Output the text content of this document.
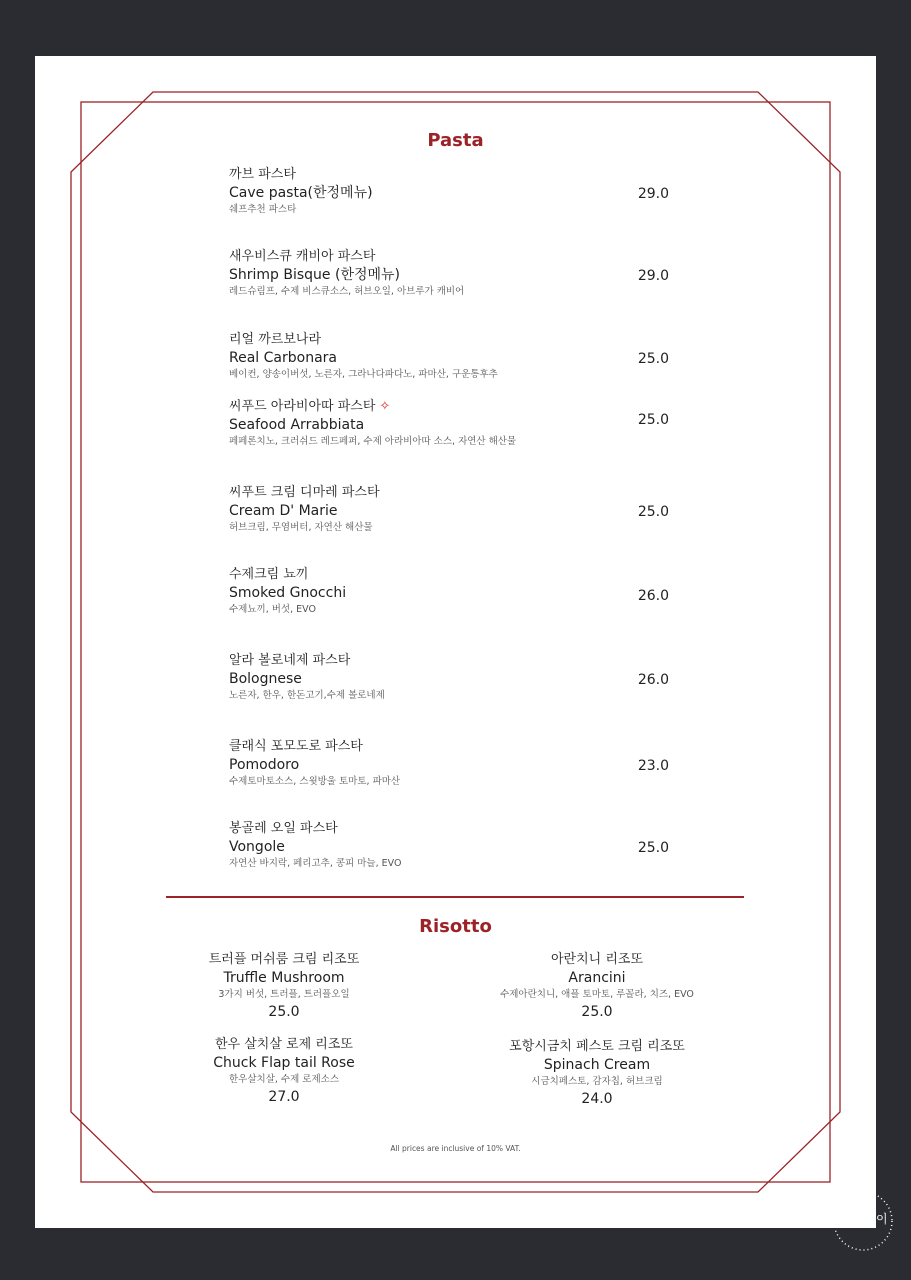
Pasta
까브 파스타
Cave pasta(한정메뉴)
쉐프추천 파스타
29.0
새우비스큐 캐비아 파스타
Shrimp Bisque (한정메뉴)
레드슈림프, 수제 비스큐소스, 허브오일, 아브루가 캐비어
29.0
리얼 까르보나라
Real Carbonara
베이컨, 양송이버섯, 노른자, 그라나다파다노, 파마산, 구운통후추
25.0
씨푸드 아라비아따 파스타 ✧
Seafood Arrabbiata
페페론치노, 크러쉬드 레드페퍼, 수제 아라비아따 소스, 자연산 해산물
25.0
씨푸트 크림 디마레 파스타
Cream D' Marie
허브크림, 무염버터, 자연산 해산물
25.0
수제크림 뇨끼
Smoked Gnocchi
수제뇨끼, 버섯, EVO
26.0
알라 볼로네제 파스타
Bolognese
노른자, 한우, 한돈고기,수제 볼로네제
26.0
클래식 포모도로 파스타
Pomodoro
수제토마토소스, 스윗방울 토마토, 파마산
23.0
봉골레 오일 파스타
Vongole
자연산 바지락, 페리고추, 콩피 마늘, EVO
25.0
Risotto
트러플 머쉬룸 크림 리조또
Truffle Mushroom
3가지 버섯, 트러플, 트러플오일
25.0
아란치니 리조또
Arancini
수제아란치니, 애플 토마토, 루꼴라, 치즈, EVO
25.0
한우 살치살 로제 리조또
Chuck Flap tail Rose
한우살치살, 수제 로제소스
27.0
포항시금치 페스토 크림 리조또
Spinach Cream
시금치페스토, 감자칩, 허브크림
24.0
All prices are inclusive of 10% VAT.
이
